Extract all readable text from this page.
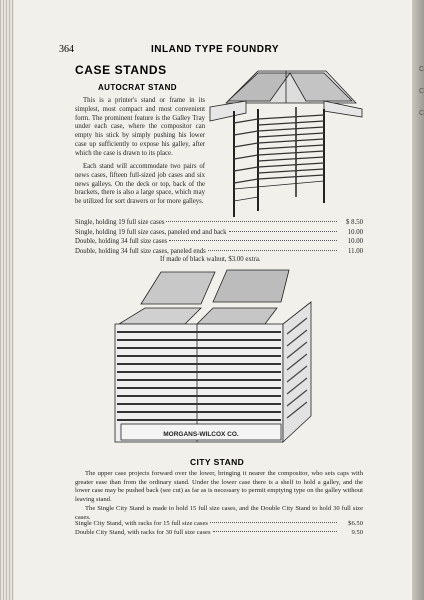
C
C
C
364	INLAND TYPE FOUNDRY
CASE STANDS
AUTOCRAT STAND
This is a printer's stand or frame in its simplest, most compact and most convenient form. The prominent feature is the Galley Tray under each case, where the compositor can empty his stick by simply pushing his lower case up sufficiently to expose his galley, after which the case is drawn to its place.
Each stand will accommodate two pairs of news cases, fifteen full-sized job cases and six news galleys. On the deck or top, back of the brackets, there is also a large space, which may be utilized for sort drawers or for more galleys.
Single, holding 19 full size cases	$ 8.50
Single, holding 19 full size cases, paneled end and back	10.00
Double, holding 34 full size cases	10.00
Double, holding 34 full size cases, paneled ends	11.00
If made of black walnut, $3.00 extra.
MORGANS-WILCOX CO.
CITY STAND

The upper case projects forward over the lower, bringing it nearer the compositor, who sets caps with greater ease than from the ordinary stand. Under the lower case there is a shelf to hold a galley, and the lower case may be pushed back (see cut) as far as is necessary to permit emptying type on the galley without leaving stand.

The Single City Stand is made to hold 15 full size cases, and the Double City Stand to hold 30 full size cases.

Single City Stand, with racks for 15 full size cases	$6.50
Double City Stand, with racks for 30 full size cases	9.50
